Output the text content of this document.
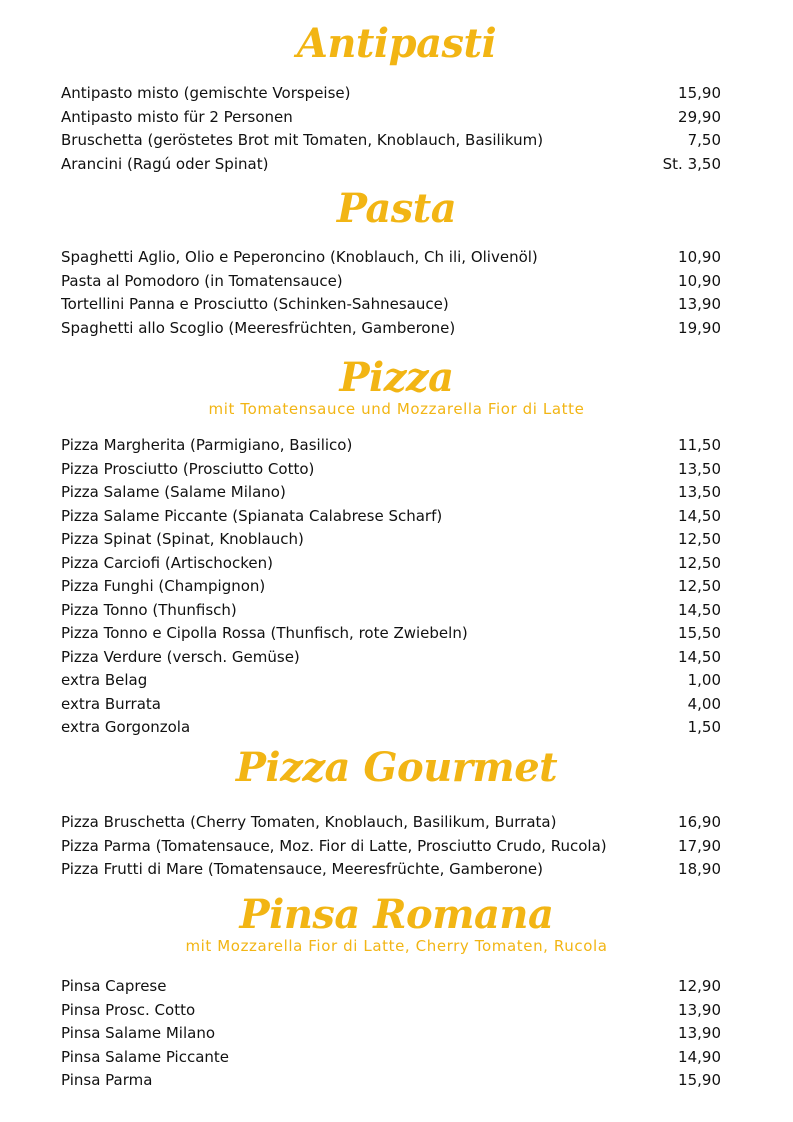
Antipasti
Antipasto misto (gemischte Vorspeise)	15,90
Antipasto misto für 2 Personen	29,90
Bruschetta (geröstetes Brot mit Tomaten, Knoblauch, Basilikum)	7,50
Arancini (Ragú oder Spinat)	St. 3,50
Pasta
Spaghetti Aglio, Olio e Peperoncino (Knoblauch, Ch ili, Olivenöl)	10,90
Pasta al Pomodoro (in Tomatensauce)	10,90
Tortellini Panna e Prosciutto (Schinken-Sahnesauce)	13,90
Spaghetti allo Scoglio (Meeresfrüchten, Gamberone)	19,90
Pizza

mit Tomatensauce und Mozzarella Fior di Latte

Pizza Margherita (Parmigiano, Basilico)	11,50
Pizza Prosciutto (Prosciutto Cotto)	13,50
Pizza Salame (Salame Milano)	13,50
Pizza Salame Piccante (Spianata Calabrese Scharf)	14,50
Pizza Spinat (Spinat, Knoblauch)	12,50
Pizza Carciofi (Artischocken)	12,50
Pizza Funghi (Champignon)	12,50
Pizza Tonno (Thunfisch)	14,50
Pizza Tonno e Cipolla Rossa (Thunfisch, rote Zwiebeln)	15,50
Pizza Verdure (versch. Gemüse)	14,50
extra Belag	1,00
extra Burrata	4,00
extra Gorgonzola	1,50
Pizza Gourmet
Pizza Bruschetta (Cherry Tomaten, Knoblauch, Basilikum, Burrata)	16,90
Pizza Parma (Tomatensauce, Moz. Fior di Latte, Prosciutto Crudo, Rucola)	17,90
Pizza Frutti di Mare (Tomatensauce, Meeresfrüchte, Gamberone)	18,90
Pinsa Romana

mit Mozzarella Fior di Latte, Cherry Tomaten, Rucola

Pinsa Caprese	12,90
Pinsa Prosc. Cotto	13,90
Pinsa Salame Milano	13,90
Pinsa Salame Piccante	14,90
Pinsa Parma	15,90
